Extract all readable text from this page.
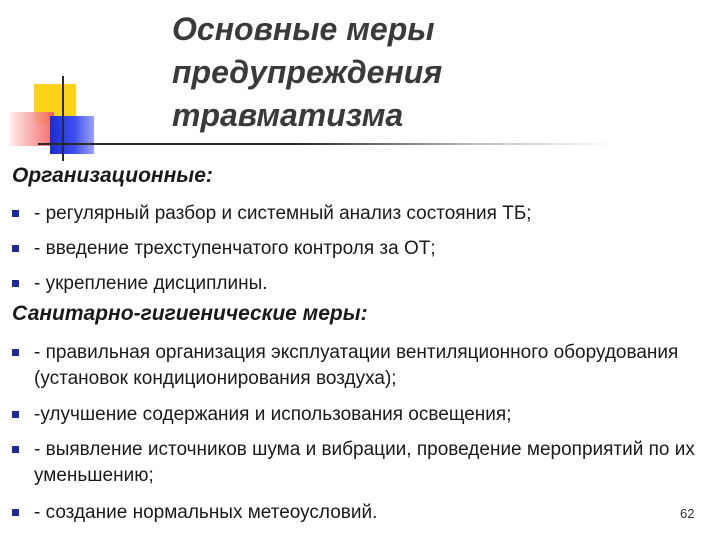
Основные меры
предупреждения
травматизма
Организационные:
- регулярный разбор и системный анализ состояния ТБ;
- введение трехступенчатого контроля за ОТ;
- укрепление дисциплины.
Санитарно-гигиенические меры:
- правильная организация эксплуатации вентиляционного оборудования (установок кондиционирования воздуха);
-улучшение содержания и использования освещения;
- выявление источников шума и вибрации, проведение мероприятий по их уменьшению;
- создание нормальных метеоусловий.	62
